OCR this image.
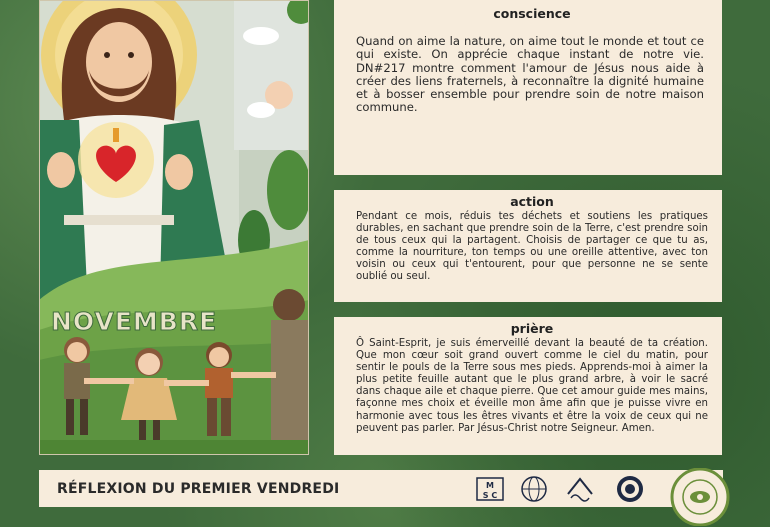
NOVEMBRE
conscience

Quand on aime la nature, on aime tout le monde et tout ce qui existe. On apprécie chaque instant de notre vie. DN#217 montre comment l'amour de Jésus nous aide à créer des liens fraternels, à reconnaître la dignité humaine et à bosser ensemble pour prendre soin de notre maison commune.

action

Pendant ce mois, réduis tes déchets et soutiens les pratiques durables, en sachant que prendre soin de la Terre, c'est prendre soin de tous ceux qui la partagent. Choisis de partager ce que tu as, comme la nourriture, ton temps ou une oreille attentive, avec ton voisin ou ceux qui t'entourent, pour que personne ne se sente oublié ou seul.

prière

Ô Saint-Esprit, je suis émerveillé devant la beauté de ta création. Que mon cœur soit grand ouvert comme le ciel du matin, pour sentir le pouls de la Terre sous mes pieds. Apprends-moi à aimer la plus petite feuille autant que le plus grand arbre, à voir le sacré dans chaque aile et chaque pierre. Que cet amour guide mes mains, façonne mes choix et éveille mon âme afin que je puisse vivre en harmonie avec tous les êtres vivants et être la voix de ceux qui ne peuvent pas parler. Par Jésus-Christ notre Seigneur. Amen.

RÉFLEXION DU PREMIER VENDREDI	M
S C
